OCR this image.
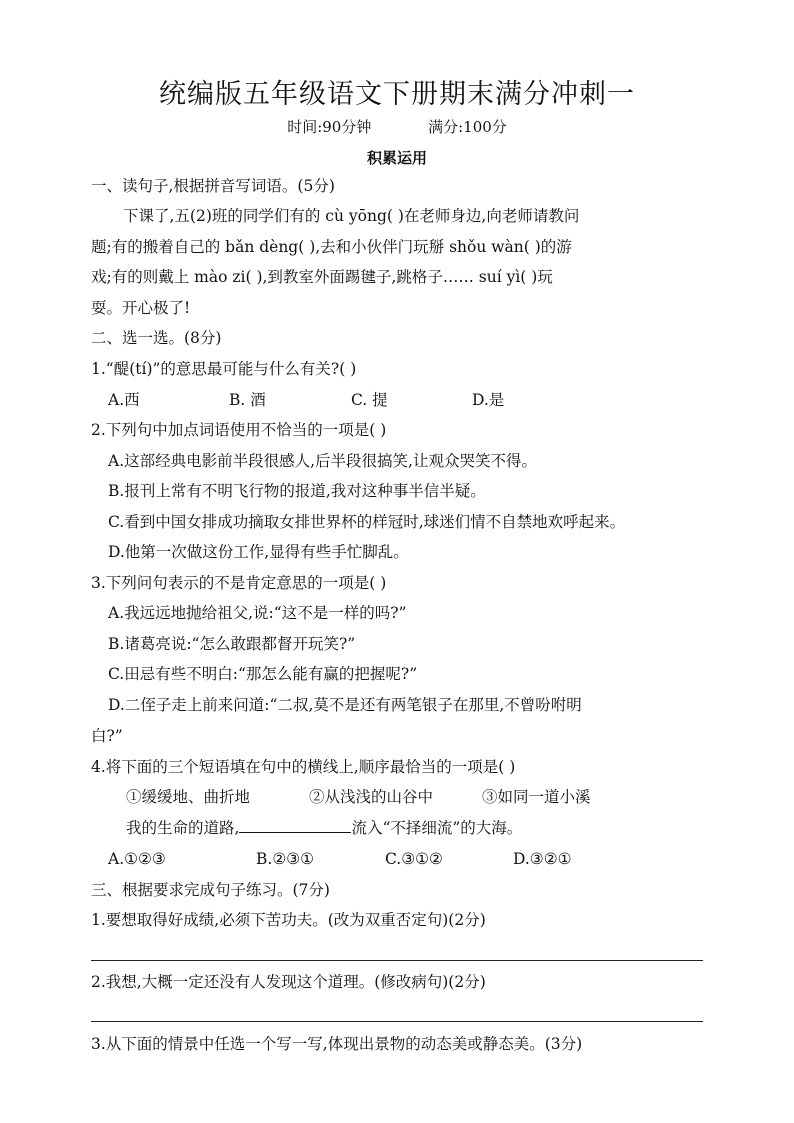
统编版五年级语文下册期末满分冲刺一
时间:90分钟	满分:100分
积累运用
一、读句子,根据拼音写词语。(5分)
下课了,五(2)班的同学们有的 cù yōng( )在老师身边,向老师请教问
题;有的搬着自己的 bǎn dèng( ),去和小伙伴门玩掰 shǒu wàn( )的游
戏;有的则戴上 mào zi( ),到教室外面踢毽子,跳格子…… suí yì( )玩
耍。开心极了!
二、选一选。(8分)
1.“醍(tí)”的意思最可能与什么有关?( )
A.西	B. 酒	C. 提	D.是
2.下列句中加点词语使用不恰当的一项是( )
A.这部经典电影前半段很感人,后半段很搞笑,让观众哭笑不得。
B.报刊上常有不明飞行物的报道,我对这种事半信半疑。
C.看到中国女排成功摘取女排世界杯的样冠时,球迷们情不自禁地欢呼起来。
D.他第一次做这份工作,显得有些手忙脚乱。
3.下列问句表示的不是肯定意思的一项是( )
A.我远远地抛给祖父,说:“这不是一样的吗?”
B.诸葛亮说:“怎么敢跟都督开玩笑?”
C.田忌有些不明白:“那怎么能有赢的把握呢?”
D.二侄子走上前来问道:“二叔,莫不是还有两笔银子在那里,不曾吩咐明
白?”
4.将下面的三个短语填在句中的横线上,顺序最恰当的一项是( )
①缓缓地、曲折地	②从浅浅的山谷中	③如同一道小溪
我的生命的道路,	流入“不择细流”的大海。
A.①②③	B.②③①	C.③①②	D.③②①
三、根据要求完成句子练习。(7分)
1.要想取得好成绩,必须下苦功夫。(改为双重否定句)(2分)
2.我想,大概一定还没有人发现这个道理。(修改病句)(2分)
3.从下面的情景中任选一个写一写,体现出景物的动态美或静态美。(3分)
